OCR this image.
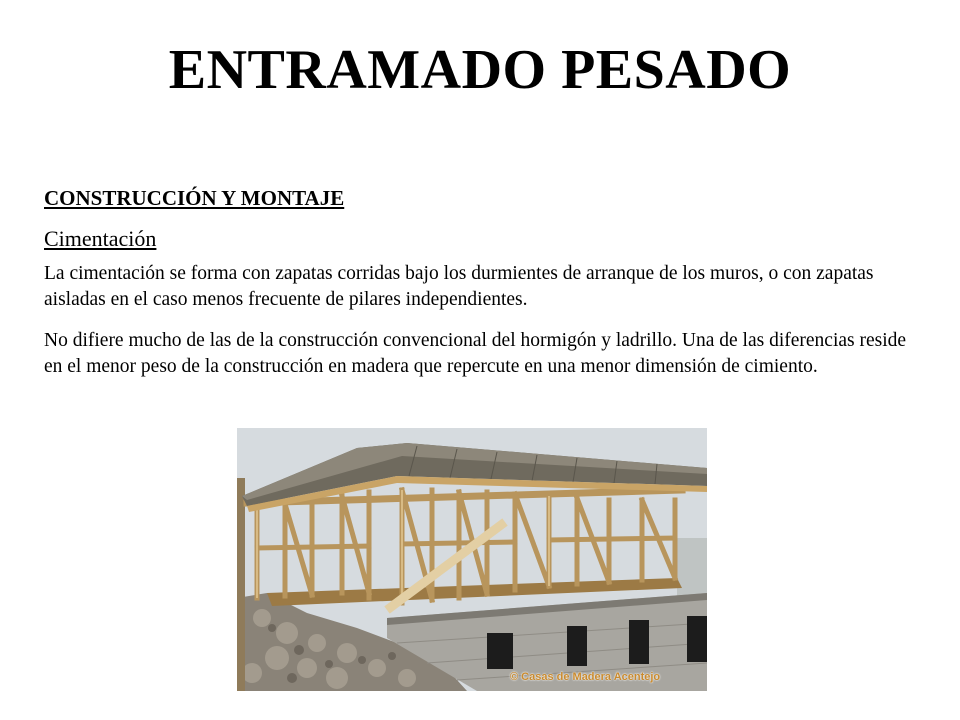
ENTRAMADO PESADO
CONSTRUCCIÓN Y MONTAJE
Cimentación

La cimentación se forma con zapatas corridas bajo los durmientes de arranque de los muros, o con zapatas aisladas en el caso menos frecuente de pilares independientes.

No difiere mucho de las de la construcción convencional del hormigón y ladrillo. Una de las diferencias reside en el menor peso de la construcción en madera que repercute en una menor dimensión de cimiento.

© Casas de Madera Acentejo
